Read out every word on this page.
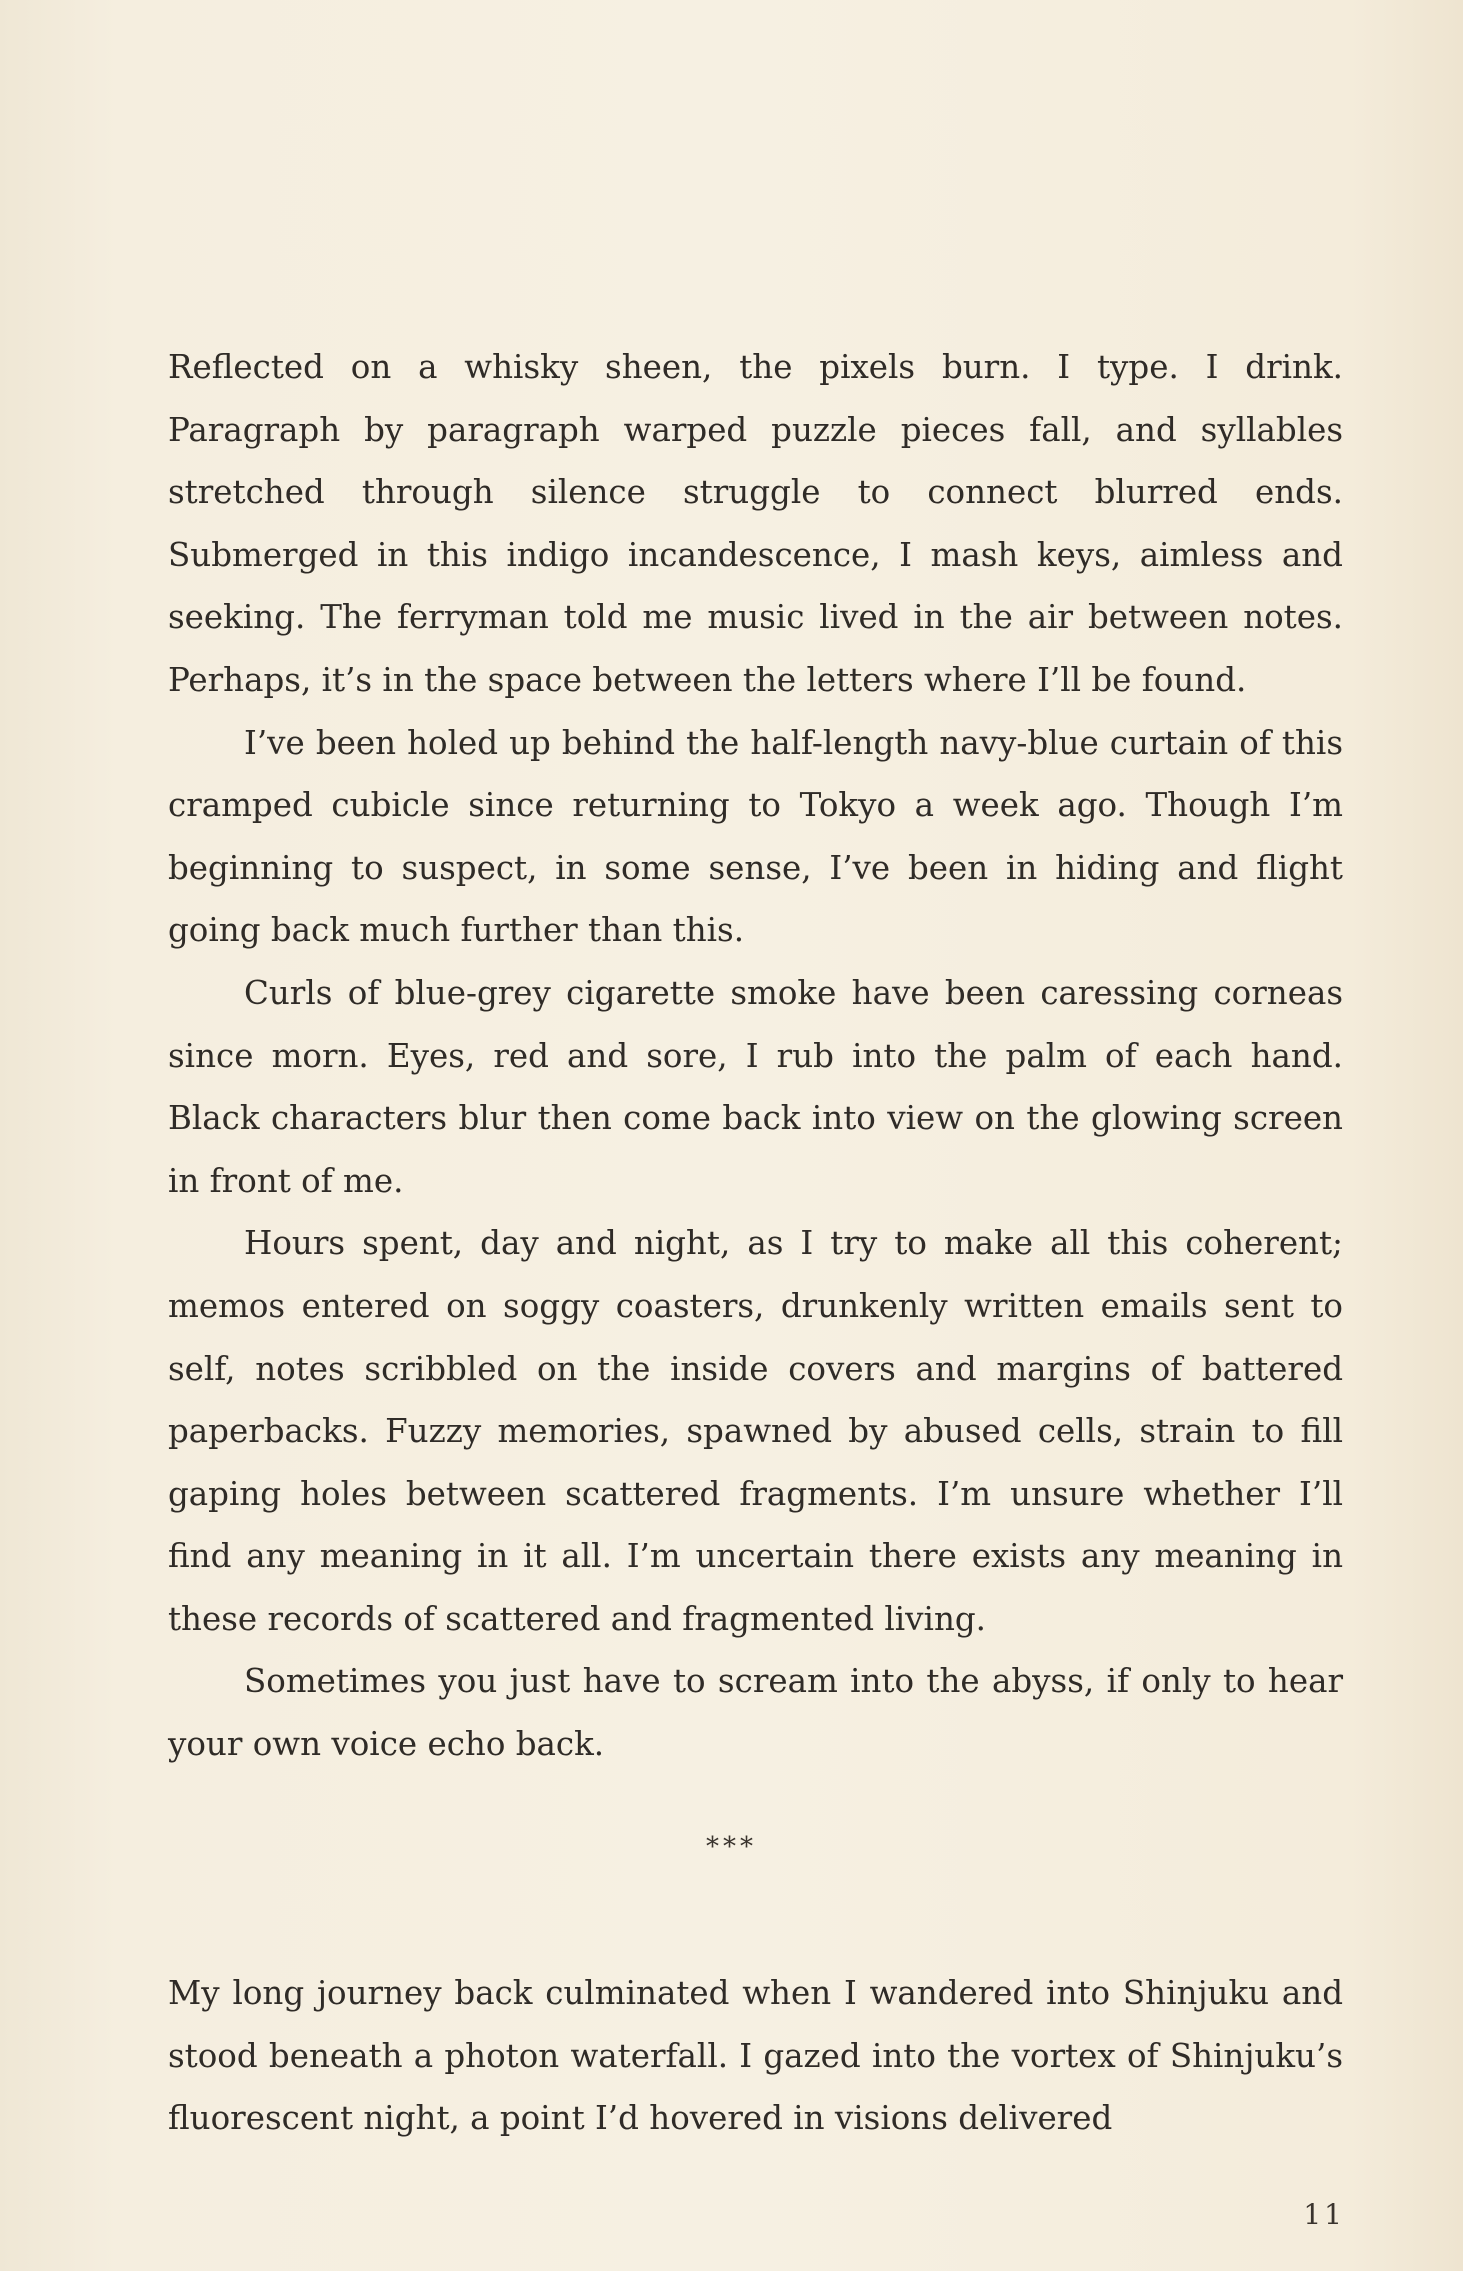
Reflected on a whisky sheen, the pixels burn. I type. I drink. Paragraph by paragraph warped puzzle pieces fall, and syllables stretched through silence struggle to connect blurred ends. Submerged in this indigo incandescence, I mash keys, aimless and seeking. The ferryman told me music lived in the air between notes. Perhaps, it’s in the space between the letters where I’ll be found.

I’ve been holed up behind the half-length navy-blue curtain of this cramped cubicle since returning to Tokyo a week ago. Though I’m beginning to suspect, in some sense, I’ve been in hiding and flight going back much further than this.

Curls of blue-grey cigarette smoke have been caressing corneas since morn. Eyes, red and sore, I rub into the palm of each hand. Black characters blur then come back into view on the glowing screen in front of me.

Hours spent, day and night, as I try to make all this coherent; memos entered on soggy coasters, drunkenly written emails sent to self, notes scribbled on the inside covers and margins of battered paperbacks. Fuzzy memories, spawned by abused cells, strain to fill gaping holes between scattered fragments. I’m unsure whether I’ll find any meaning in it all. I’m uncertain there exists any meaning in these records of scattered and fragmented living.

Sometimes you just have to scream into the abyss, if only to hear your own voice echo back.

***

My long journey back culminated when I wandered into Shinjuku and stood beneath a photon waterfall. I gazed into the vortex of Shinjuku’s fluorescent night, a point I’d hovered in visions delivered

11
